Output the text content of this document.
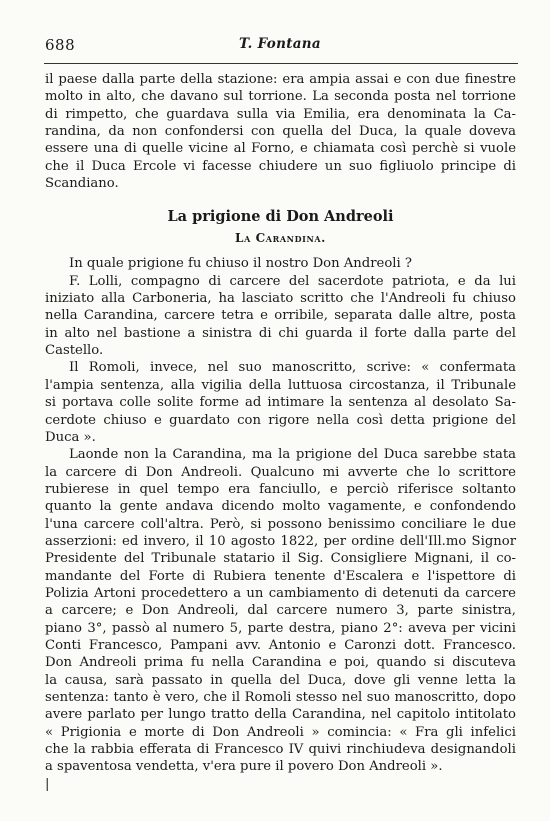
688	T. Fontana
il paese dalla parte della stazione: era ampia assai e con due finestre
molto in alto, che davano sul torrione. La seconda posta nel torrione
di rimpetto, che guardava sulla via Emilia, era denominata la Ca-
randina, da non confondersi con quella del Duca, la quale doveva
essere una di quelle vicine al Forno, e chiamata così perchè si vuole
che il Duca Ercole vi facesse chiudere un suo figliuolo principe di
Scandiano.
La prigione di Don Andreoli
La Carandina.
In quale prigione fu chiuso il nostro Don Andreoli ?
F. Lolli, compagno di carcere del sacerdote patriota, e da lui
iniziato alla Carboneria, ha lasciato scritto che l'Andreoli fu chiuso
nella Carandina, carcere tetra e orribile, separata dalle altre, posta
in alto nel bastione a sinistra di chi guarda il forte dalla parte del
Castello.
Il Romoli, invece, nel suo manoscritto, scrive: « confermata
l'ampia sentenza, alla vigilia della luttuosa circostanza, il Tribunale
si portava colle solite forme ad intimare la sentenza al desolato Sa-
cerdote chiuso e guardato con rigore nella così detta prigione del
Duca ».
Laonde non la Carandina, ma la prigione del Duca sarebbe stata
la carcere di Don Andreoli. Qualcuno mi avverte che lo scrittore
rubierese in quel tempo era fanciullo, e perciò riferisce soltanto
quanto la gente andava dicendo molto vagamente, e confondendo
l'una carcere coll'altra. Però, si possono benissimo conciliare le due
asserzioni: ed invero, il 10 agosto 1822, per ordine dell'Ill.mo Signor
Presidente del Tribunale statario il Sig. Consigliere Mignani, il co-
mandante del Forte di Rubiera tenente d'Escalera e l'ispettore di
Polizia Artoni procedettero a un cambiamento di detenuti da carcere
a carcere; e Don Andreoli, dal carcere numero 3, parte sinistra,
piano 3°, passò al numero 5, parte destra, piano 2°: aveva per vicini
Conti Francesco, Pampani avv. Antonio e Caronzi dott. Francesco.
Don Andreoli prima fu nella Carandina e poi, quando si discuteva
la causa, sarà passato in quella del Duca, dove gli venne letta la
sentenza: tanto è vero, che il Romoli stesso nel suo manoscritto, dopo
avere parlato per lungo tratto della Carandina, nel capitolo intitolato
« Prigionia e morte di Don Andreoli » comincia: « Fra gli infelici
che la rabbia efferata di Francesco IV quivi rinchiudeva designandoli
a spaventosa vendetta, v'era pure il povero Don Andreoli ».
|
